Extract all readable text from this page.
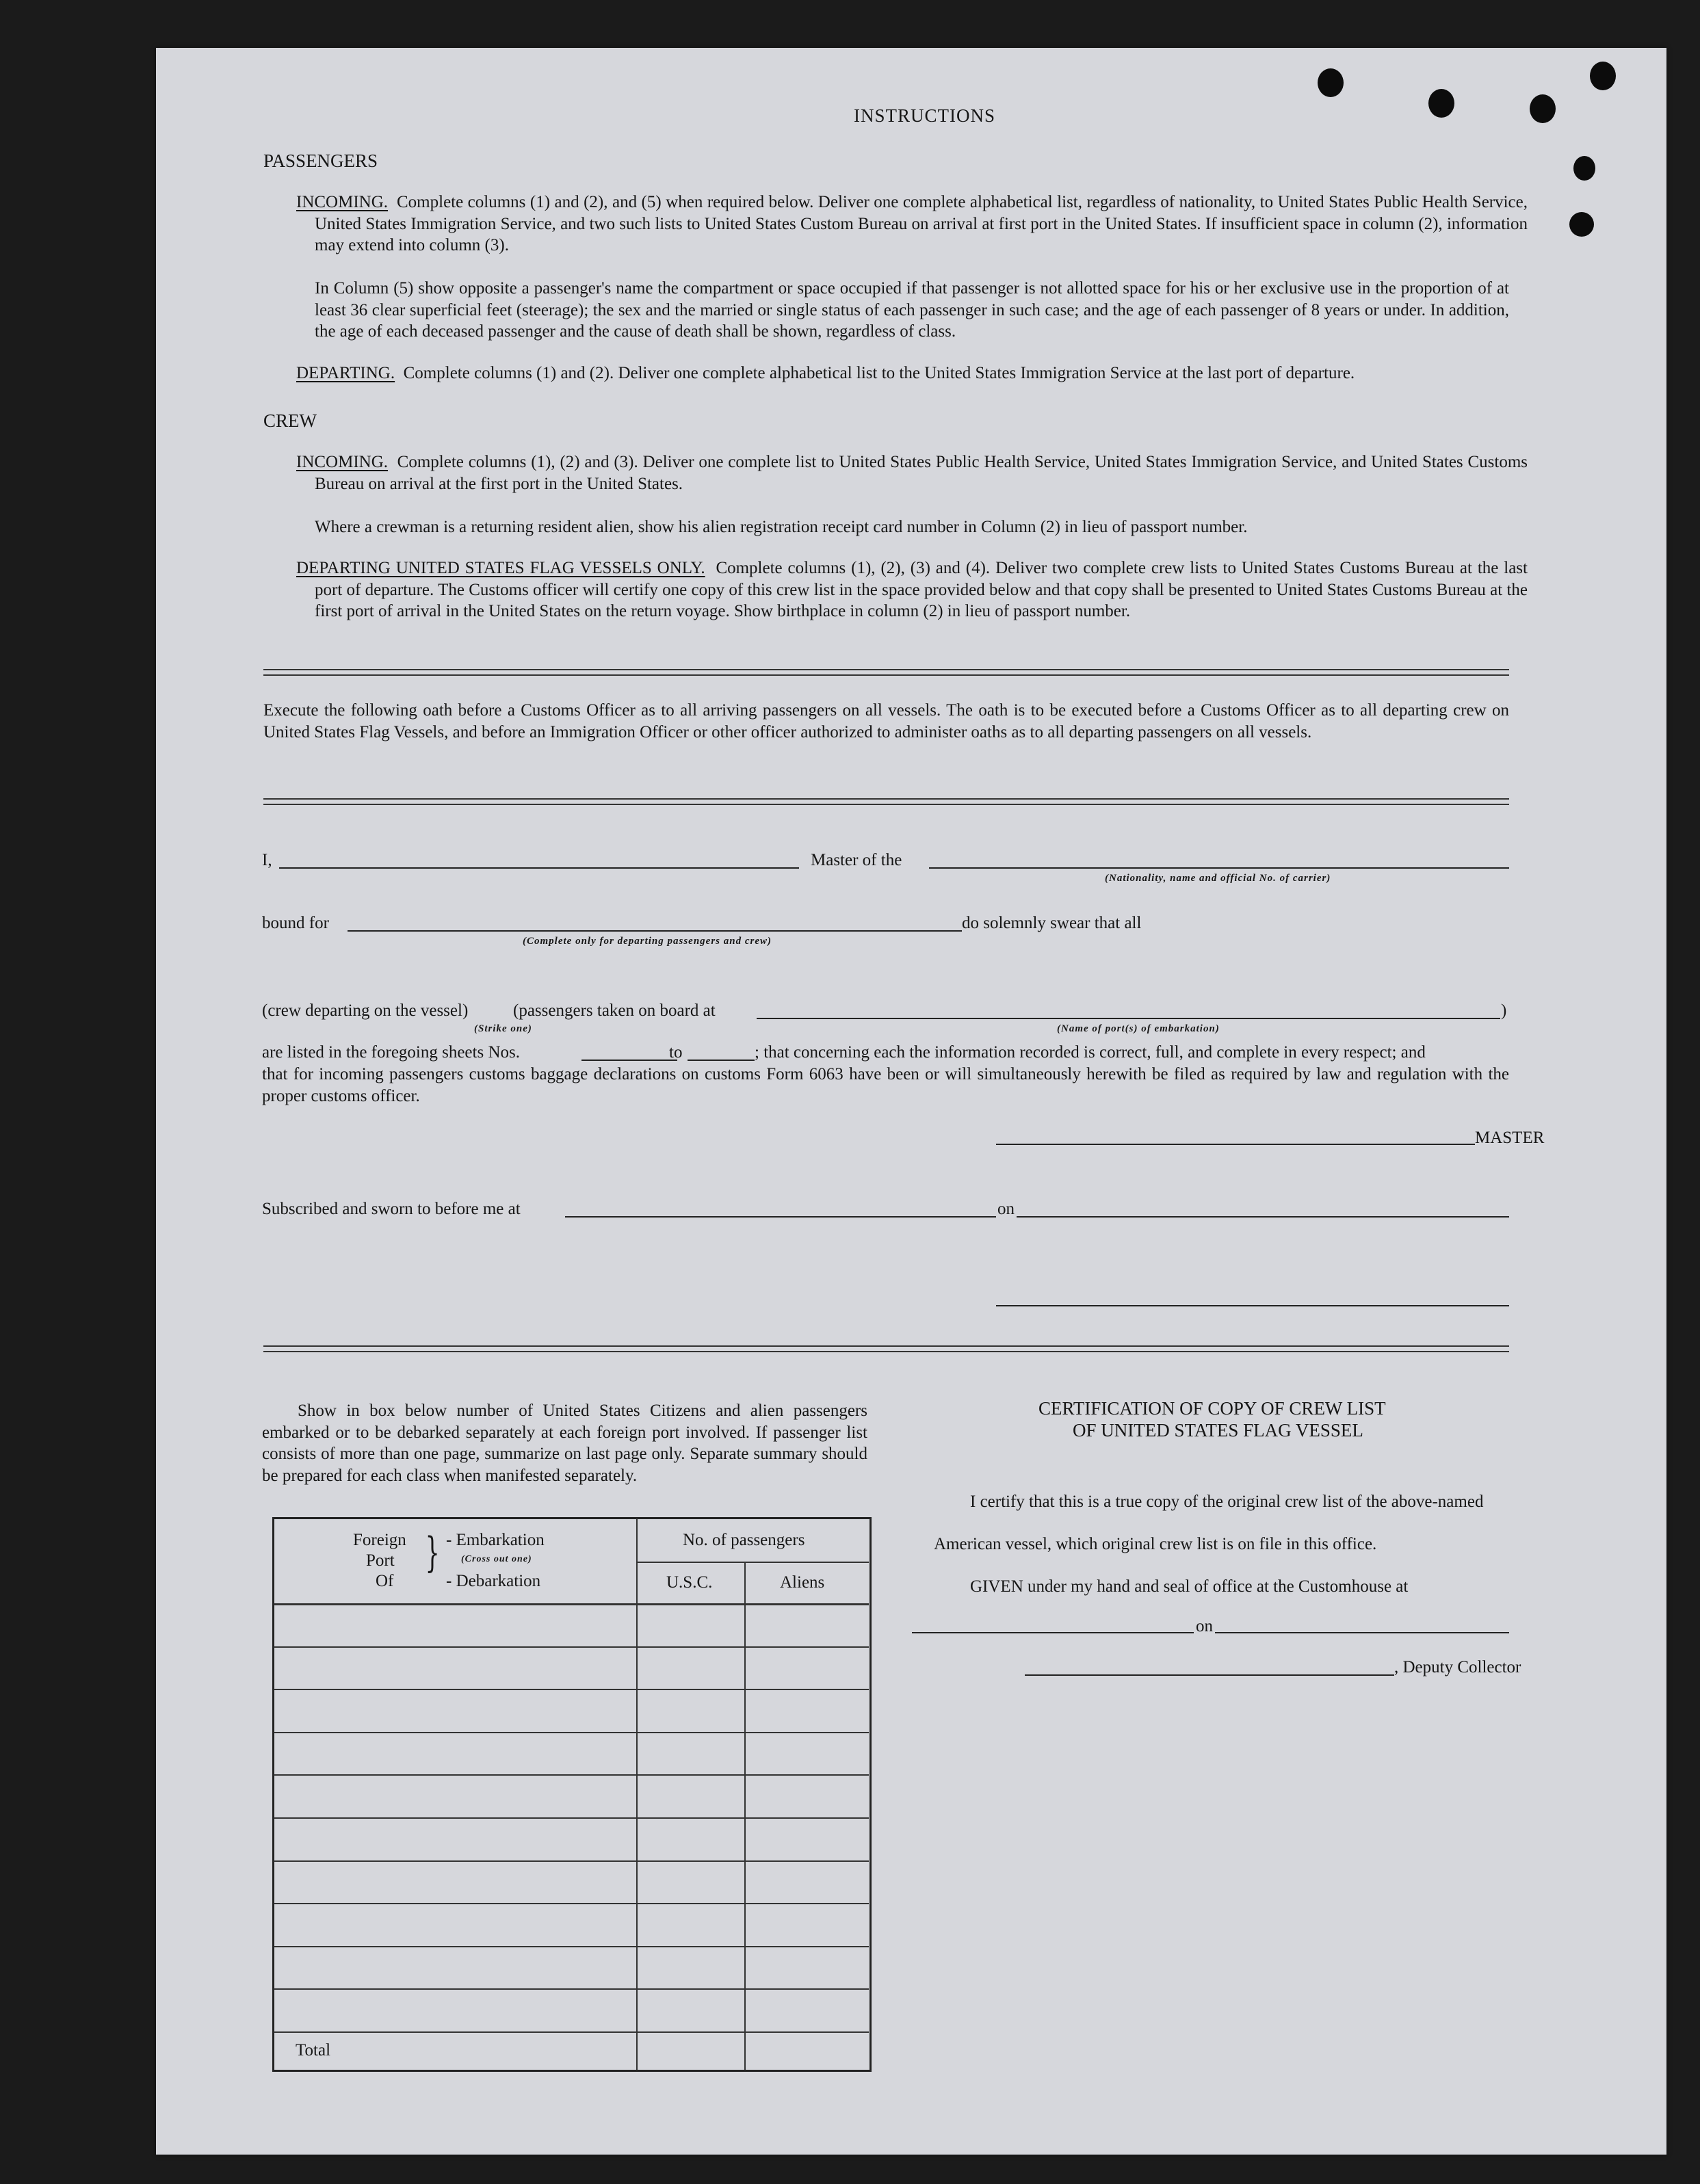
INSTRUCTIONS
PASSENGERS
INCOMING. Complete columns (1) and (2), and (5) when required below. Deliver one complete alphabetical list, regardless of nationality, to United States Public Health Service, United States Immigration Service, and two such lists to United States Custom Bureau on arrival at first port in the United States. If insufficient space in column (2), information may extend into column (3).
In Column (5) show opposite a passenger's name the compartment or space occupied if that passenger is not allotted space for his or her exclusive use in the proportion of at least 36 clear superficial feet (steerage); the sex and the married or single status of each passenger in such case; and the age of each passenger of 8 years or under. In addition, the age of each deceased passenger and the cause of death shall be shown, regardless of class.
DEPARTING. Complete columns (1) and (2). Deliver one complete alphabetical list to the United States Immigration Service at the last port of departure.
CREW
INCOMING. Complete columns (1), (2) and (3). Deliver one complete list to United States Public Health Service, United States Immigration Service, and United States Customs Bureau on arrival at the first port in the United States.
Where a crewman is a returning resident alien, show his alien registration receipt card number in Column (2) in lieu of passport number.
DEPARTING UNITED STATES FLAG VESSELS ONLY. Complete columns (1), (2), (3) and (4). Deliver two complete crew lists to United States Customs Bureau at the last port of departure. The Customs officer will certify one copy of this crew list in the space provided below and that copy shall be presented to United States Customs Bureau at the first port of arrival in the United States on the return voyage. Show birthplace in column (2) in lieu of passport number.
Execute the following oath before a Customs Officer as to all arriving passengers on all vessels. The oath is to be executed before a Customs Officer as to all departing crew on United States Flag Vessels, and before an Immigration Officer or other officer authorized to administer oaths as to all departing passengers on all vessels.
I,	Master of the
(Nationality, name and official No. of carrier)
bound for	do solemnly swear that all
(Complete only for departing passengers and crew)
(crew departing on the vessel)	(passengers taken on board at	)
(Strike one)	(Name of port(s) of embarkation)
are listed in the foregoing sheets Nos.	to	; that concerning each the information recorded is correct, full, and complete in every respect; and
that for incoming passengers customs baggage declarations on customs Form 6063 have been or will simultaneously herewith be filed as required by law and regulation with the proper customs officer.
MASTER
Subscribed and sworn to before me at	on
Show in box below number of United States Citizens and alien passengers embarked or to be debarked separately at each foreign port involved. If passenger list consists of more than one page, summarize on last page only. Separate summary should be prepared for each class when manifested separately.
Foreign
Port
Of
} - Embarkation
(Cross out one)
- Debarkation
No. of passengers
U.S.C.	Aliens
Total
CERTIFICATION OF COPY OF CREW LIST
OF UNITED STATES FLAG VESSEL
I certify that this is a true copy of the original crew list of the above-named
American vessel, which original crew list is on file in this office.
GIVEN under my hand and seal of office at the Customhouse at
on
, Deputy Collector
